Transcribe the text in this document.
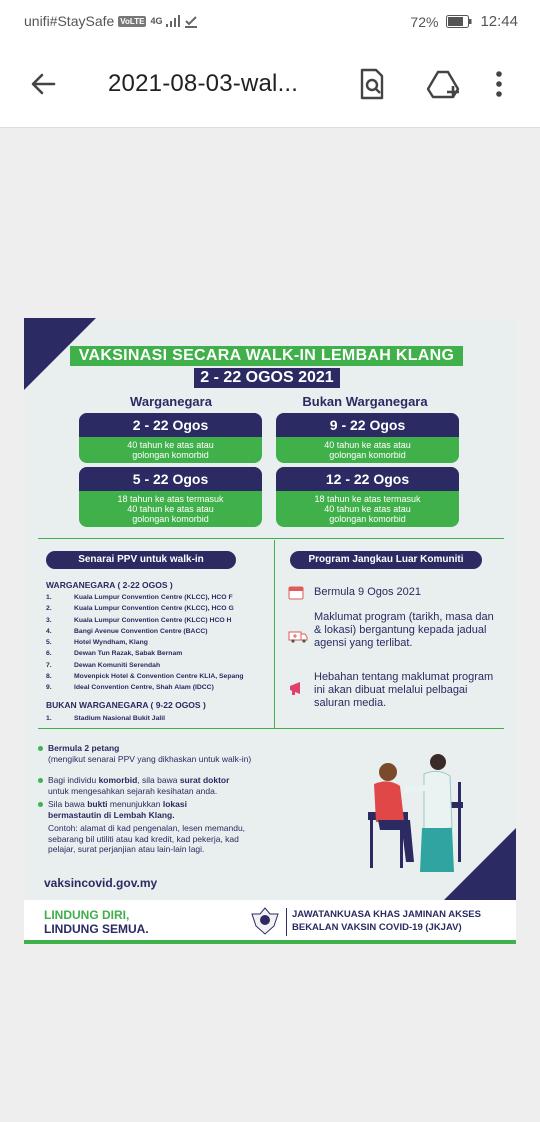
unifi#StaySafe VoLTE 4G	72%	12:44
2021-08-03-wal...
VAKSINASI SECARA WALK-IN LEMBAH KLANG
2 - 22 OGOS 2021
Warganegara	Bukan Warganegara
2 - 22 Ogos
40 tahun ke atas atau
golongan komorbid
9 - 22 Ogos
40 tahun ke atas atau
golongan komorbid
5 - 22 Ogos
18 tahun ke atas termasuk
40 tahun ke atas atau
golongan komorbid
12 - 22 Ogos
18 tahun ke atas termasuk
40 tahun ke atas atau
golongan komorbid
Senarai PPV untuk walk-in
WARGANEGARA ( 2-22 OGOS )
1.	Kuala Lumpur Convention Centre (KLCC), HCO F
2.	Kuala Lumpur Convention Centre (KLCC), HCO G
3.	Kuala Lumpur Convention Centre (KLCC) HCO H
4.	Bangi Avenue Convention Centre (BACC)
5.	Hotel Wyndham, Klang
6.	Dewan Tun Razak, Sabak Bernam
7.	Dewan Komuniti Serendah
8.	Movenpick Hotel & Convention Centre KLIA, Sepang
9.	Ideal Convention Centre, Shah Alam (IDCC)
BUKAN WARGANEGARA ( 9-22 OGOS )
1.	Stadium Nasional Bukit Jalil
Program Jangkau Luar Komuniti
Bermula 9 Ogos 2021
Maklumat program (tarikh, masa dan & lokasi) bergantung kepada jadual agensi yang terlibat.
Hebahan tentang maklumat program ini akan dibuat melalui pelbagai saluran media.
Bermula 2 petang
(mengikut senarai PPV yang dikhaskan untuk walk-in)
Bagi individu komorbid, sila bawa surat doktor
untuk mengesahkan sejarah kesihatan anda.
Sila bawa bukti menunjukkan lokasi
bermastautin di Lembah Klang.
Contoh: alamat di kad pengenalan, lesen memandu, sebarang bil utiliti atau kad kredit, kad pekerja, kad pelajar, surat perjanjian atau lain-lain lagi.
vaksincovid.gov.my
LINDUNG DIRI,
LINDUNG SEMUA.
JAWATANKUASA KHAS JAMINAN AKSES
BEKALAN VAKSIN COVID-19 (JKJAV)
